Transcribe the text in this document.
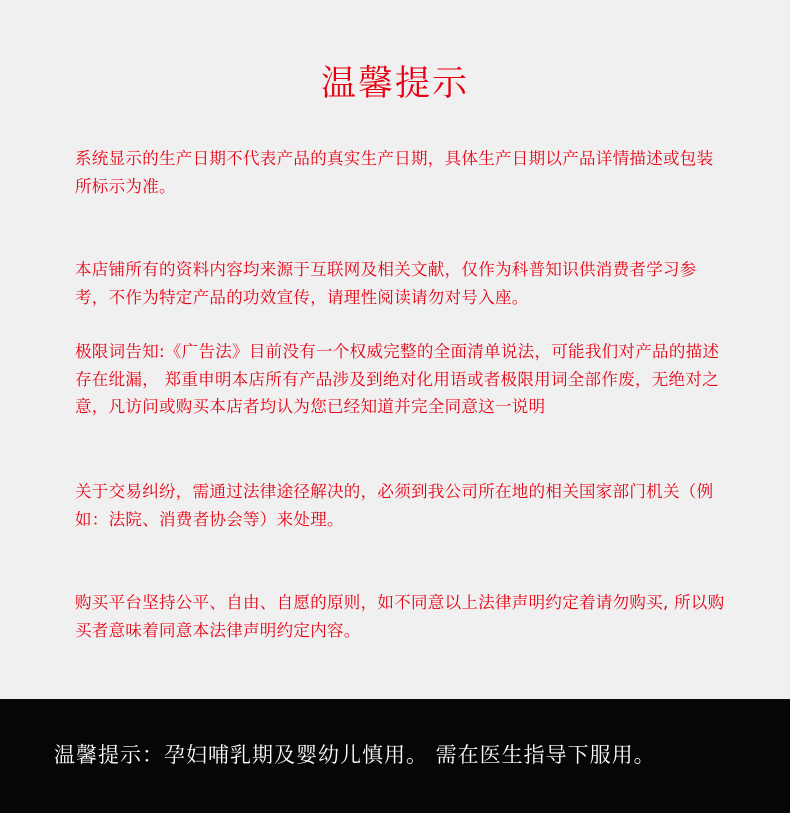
温馨提示

系统显示的生产日期不代表产品的真实生产日期，具体生产日期以产品详情描述或包装所标示为准。

本店铺所有的资料内容均来源于互联网及相关文献，仅作为科普知识供消费者学习参考，不作为特定产品的功效宣传，请理性阅读请勿对号入座。

极限词告知:《广告法》目前没有一个权威完整的全面清单说法，可能我们对产品的描述存在纰漏， 郑重申明本店所有产品涉及到绝对化用语或者极限用词全部作废，无绝对之意，凡访问或购买本店者均认为您已经知道并完全同意这一说明

关于交易纠纷，需通过法律途径解决的，必须到我公司所在地的相关国家部门机关（例如：法院、消费者协会等）来处理。

购买平台坚持公平、自由、自愿的原则，如不同意以上法律声明约定着请勿购买, 所以购买者意味着同意本法律声明约定内容。

温馨提示：孕妇哺乳期及婴幼儿慎用。 需在医生指导下服用。
